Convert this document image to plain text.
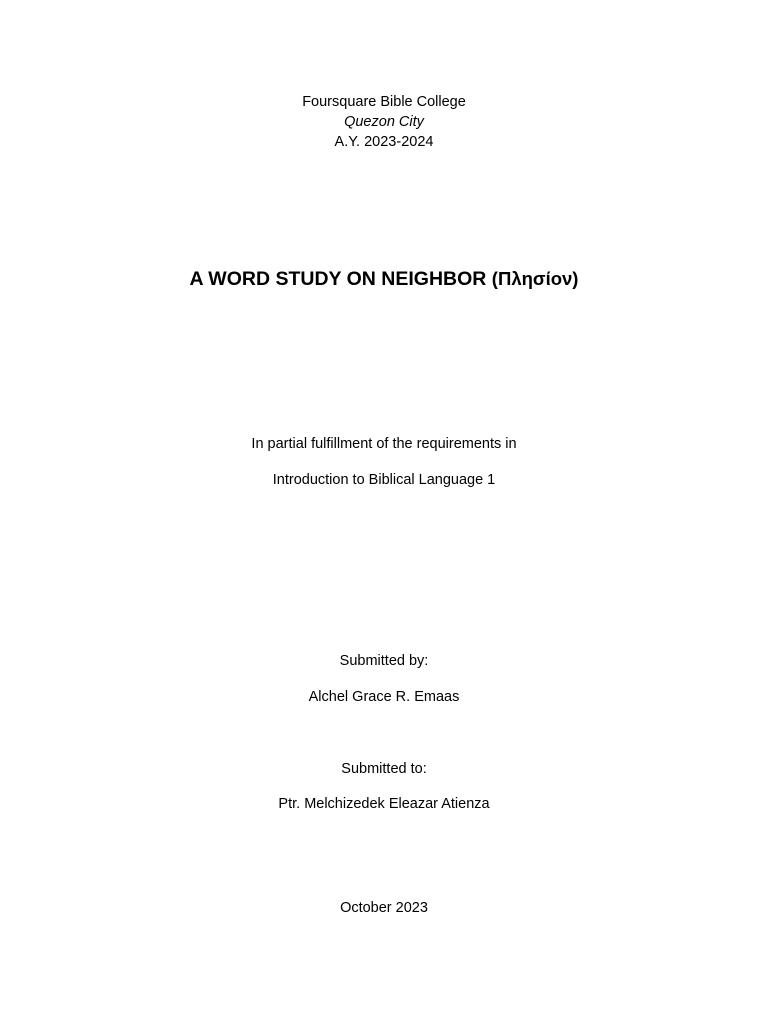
Foursquare Bible College
Quezon City
A.Y. 2023-2024
A WORD STUDY ON NEIGHBOR (Πλησίον)
In partial fulfillment of the requirements in
Introduction to Biblical Language 1
Submitted by:
Alchel Grace R. Emaas
Submitted to:
Ptr. Melchizedek Eleazar Atienza
October 2023
